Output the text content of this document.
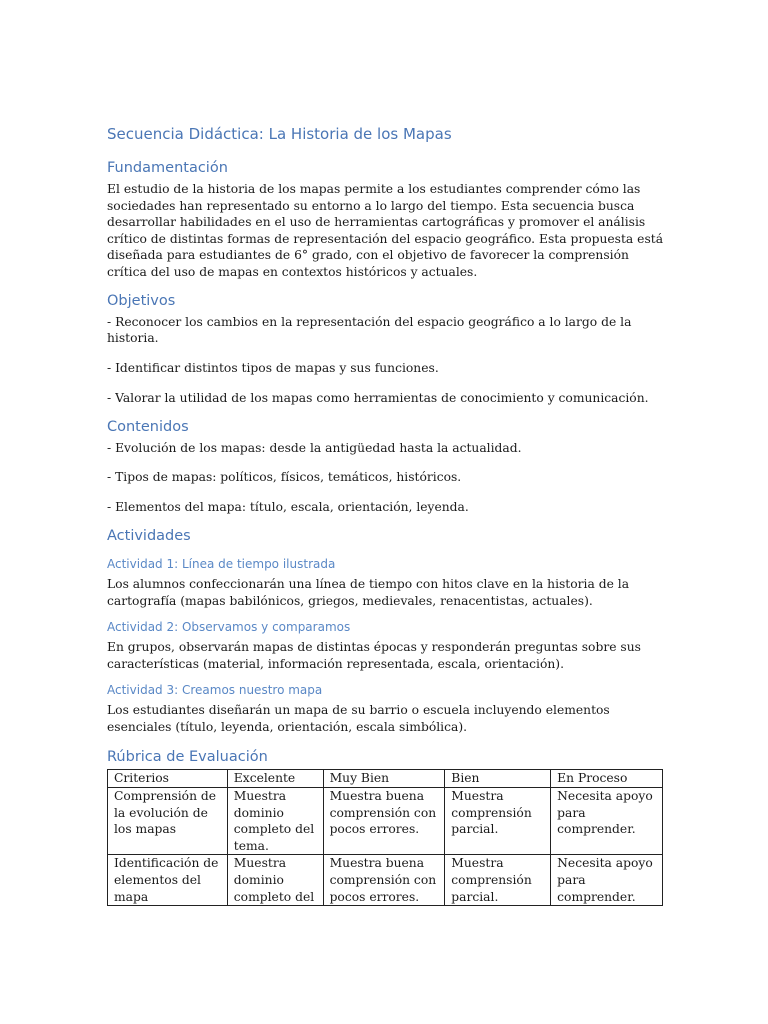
Secuencia Didáctica: La Historia de los Mapas
Fundamentación

El estudio de la historia de los mapas permite a los estudiantes comprender cómo las sociedades han representado su entorno a lo largo del tiempo. Esta secuencia busca desarrollar habilidades en el uso de herramientas cartográficas y promover el análisis crítico de distintas formas de representación del espacio geográfico. Esta propuesta está diseñada para estudiantes de 6° grado, con el objetivo de favorecer la comprensión crítica del uso de mapas en contextos históricos y actuales.

Objetivos

- Reconocer los cambios en la representación del espacio geográfico a lo largo de la historia.

- Identificar distintos tipos de mapas y sus funciones.

- Valorar la utilidad de los mapas como herramientas de conocimiento y comunicación.

Contenidos

- Evolución de los mapas: desde la antigüedad hasta la actualidad.

- Tipos de mapas: políticos, físicos, temáticos, históricos.

- Elementos del mapa: título, escala, orientación, leyenda.

Actividades
Actividad 1: Línea de tiempo ilustrada

Los alumnos confeccionarán una línea de tiempo con hitos clave en la historia de la cartografía (mapas babilónicos, griegos, medievales, renacentistas, actuales).

Actividad 2: Observamos y comparamos

En grupos, observarán mapas de distintas épocas y responderán preguntas sobre sus características (material, información representada, escala, orientación).

Actividad 3: Creamos nuestro mapa

Los estudiantes diseñarán un mapa de su barrio o escuela incluyendo elementos esenciales (título, leyenda, orientación, escala simbólica).

Rúbrica de Evaluación
Criterios	Excelente	Muy Bien	Bien	En Proceso
Comprensión de la evolución de los mapas	Muestra dominio completo del tema.	Muestra buena comprensión con pocos errores.	Muestra comprensión parcial.	Necesita apoyo para comprender.
Identificación de elementos del mapa	Muestra dominio completo del	Muestra buena comprensión con pocos errores.	Muestra comprensión parcial.	Necesita apoyo para comprender.
